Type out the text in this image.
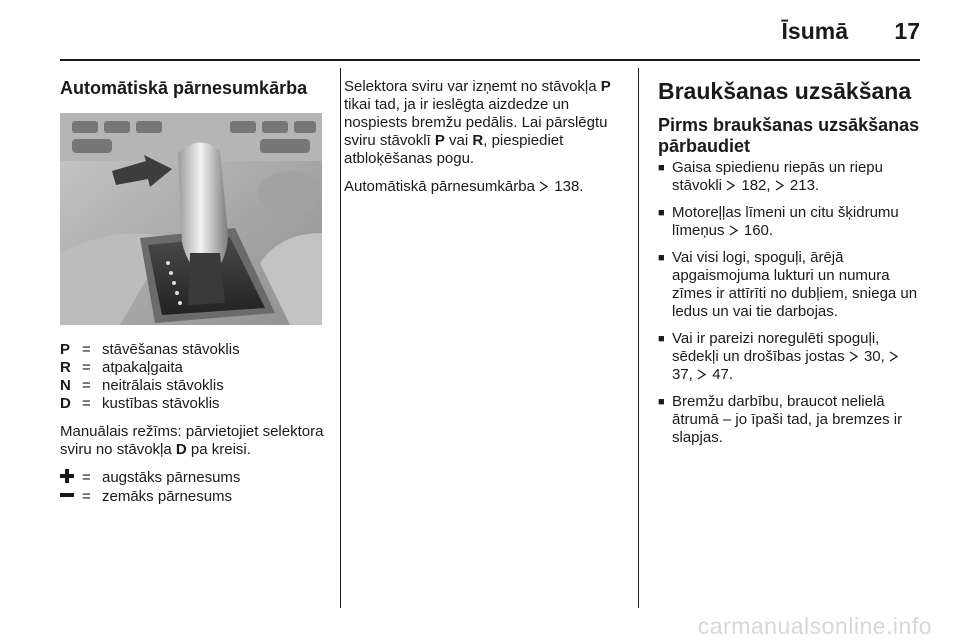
Īsumā 17
Automātiskā pārnesumkārba
P = stāvēšanas stāvoklis
R = atpakaļgaita
N = neitrālais stāvoklis
D = kustības stāvoklis

Manuālais režīms: pārvietojiet selektora sviru no stāvokļa D pa kreisi.

= augstāks pārnesums
= zemāks pārnesums

Selektora sviru var izņemt no stāvokļa P tikai tad, ja ir ieslēgta aizdedze un nospiests bremžu pedālis. Lai pārslēgtu sviru stāvoklī P vai R, piespiediet atbloķēšanas pogu.

Automātiskā pārnesumkārba 138.

Braukšanas uzsākšana
Pirms braukšanas uzsākšanas pārbaudiet
■ Gaisa spiedienu riepās un riepu stāvokli 182, 213.
■ Motoreļļas līmeni un citu šķidrumu līmeņus 160.
■ Vai visi logi, spoguļi, ārējā apgaismojuma lukturi un numura zīmes ir attīrīti no dubļiem, sniega un ledus un vai tie darbojas.
■ Vai ir pareizi noregulēti spoguļi, sēdekļi un drošības jostas 30,  37, 47.
■ Bremžu darbību, braucot nelielā ātrumā – jo īpaši tad, ja bremzes ir slapjas.
carmanualsonline.info
